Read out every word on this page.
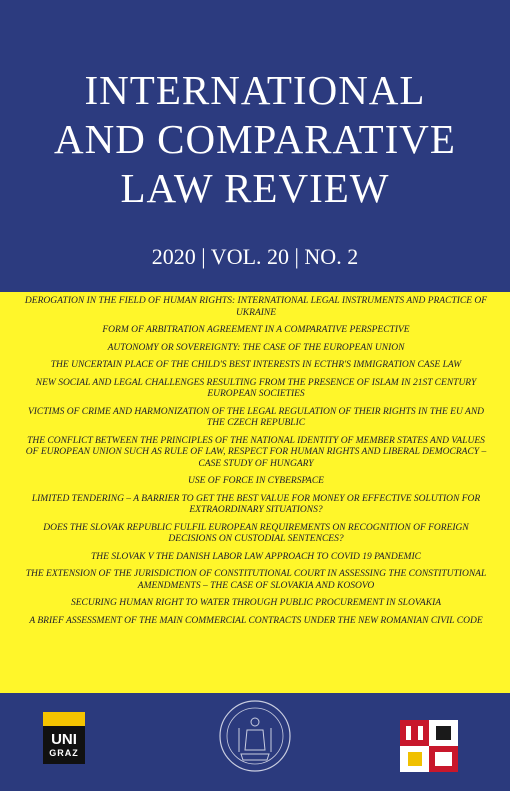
INTERNATIONAL
AND COMPARATIVE
LAW REVIEW
2020 | VOL. 20 | NO. 2
DEROGATION IN THE FIELD OF HUMAN RIGHTS: INTERNATIONAL LEGAL INSTRUMENTS AND PRACTICE OF UKRAINE
FORM OF ARBITRATION AGREEMENT IN A COMPARATIVE PERSPECTIVE
AUTONOMY OR SOVEREIGNTY: THE CASE OF THE EUROPEAN UNION
THE UNCERTAIN PLACE OF THE CHILD'S BEST INTERESTS IN ECTHR'S IMMIGRATION CASE LAW
NEW SOCIAL AND LEGAL CHALLENGES RESULTING FROM THE PRESENCE OF ISLAM IN 21ST CENTURY EUROPEAN SOCIETIES
VICTIMS OF CRIME AND HARMONIZATION OF THE LEGAL REGULATION OF THEIR RIGHTS IN THE EU AND THE CZECH REPUBLIC
THE CONFLICT BETWEEN THE PRINCIPLES OF THE NATIONAL IDENTITY OF MEMBER STATES AND VALUES OF EUROPEAN UNION SUCH AS RULE OF LAW, RESPECT FOR HUMAN RIGHTS AND LIBERAL DEMOCRACY – CASE STUDY OF HUNGARY
USE OF FORCE IN CYBERSPACE
LIMITED TENDERING – A BARRIER TO GET THE BEST VALUE FOR MONEY OR EFFECTIVE SOLUTION FOR EXTRAORDINARY SITUATIONS?
DOES THE SLOVAK REPUBLIC FULFIL EUROPEAN REQUIREMENTS ON RECOGNITION OF FOREIGN DECISIONS ON CUSTODIAL SENTENCES?
THE SLOVAK V THE DANISH LABOR LAW APPROACH TO COVID 19 PANDEMIC
THE EXTENSION OF THE JURISDICTION OF CONSTITUTIONAL COURT IN ASSESSING THE CONSTITUTIONAL AMENDMENTS – THE CASE OF SLOVAKIA AND KOSOVO
SECURING HUMAN RIGHT TO WATER THROUGH PUBLIC PROCUREMENT IN SLOVAKIA
A BRIEF ASSESSMENT OF THE MAIN COMMERCIAL CONTRACTS UNDER THE NEW ROMANIAN CIVIL CODE
UNI
GRAZ
